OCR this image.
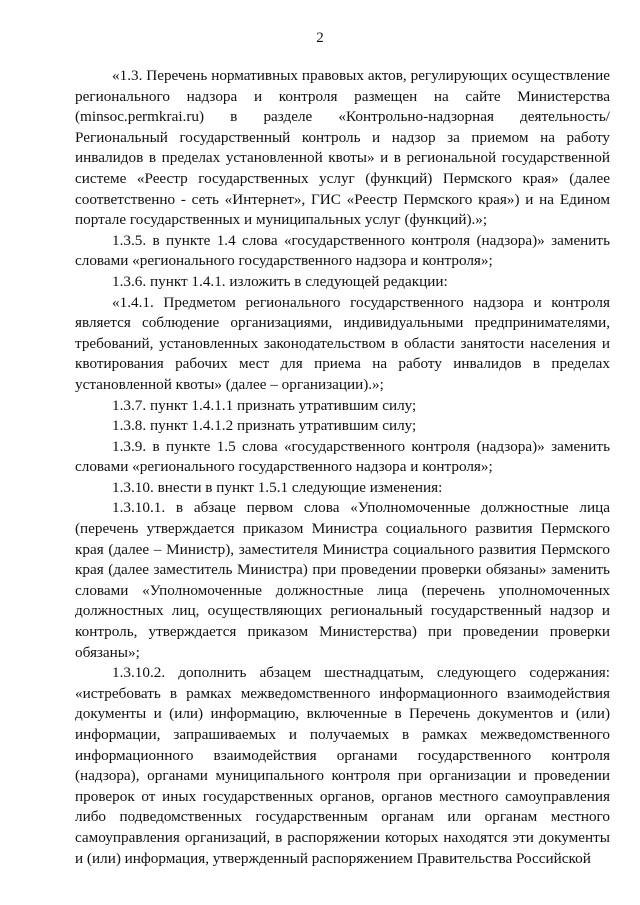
2

«1.3. Перечень нормативных правовых актов, регулирующих осуществление регионального надзора и контроля размещен на сайте Министерства (minsoc.permkrai.ru) в разделе «Контрольно-надзорная деятельность/ Региональный государственный контроль и надзор за приемом на работу инвалидов в пределах установленной квоты» и в региональной государственной системе «Реестр государственных услуг (функций) Пермского края» (далее соответственно - сеть «Интернет», ГИС «Реестр Пермского края») и на Едином портале государственных и муниципальных услуг (функций).»;

1.3.5. в пункте 1.4 слова «государственного контроля (надзора)» заменить словами «регионального государственного надзора и контроля»;

1.3.6. пункт 1.4.1. изложить в следующей редакции:

«1.4.1. Предметом регионального государственного надзора и контроля является соблюдение организациями, индивидуальными предпринимателями, требований, установленных законодательством в области занятости населения и квотирования рабочих мест для приема на работу инвалидов в пределах установленной квоты» (далее – организации).»;

1.3.7. пункт 1.4.1.1 признать утратившим силу;

1.3.8. пункт 1.4.1.2 признать утратившим силу;

1.3.9. в пункте 1.5 слова «государственного контроля (надзора)» заменить словами «регионального государственного надзора и контроля»;

1.3.10. внести в пункт 1.5.1 следующие изменения:

1.3.10.1. в абзаце первом слова «Уполномоченные должностные лица (перечень утверждается приказом Министра социального развития Пермского края (далее – Министр), заместителя Министра социального развития Пермского края (далее заместитель Министра) при проведении проверки обязаны» заменить словами «Уполномоченные должностные лица (перечень уполномоченных должностных лиц, осуществляющих региональный государственный надзор и контроль, утверждается приказом Министерства) при проведении проверки обязаны»;

1.3.10.2. дополнить абзацем шестнадцатым, следующего содержания: «истребовать в рамках межведомственного информационного взаимодействия документы и (или) информацию, включенные в Перечень документов и (или) информации, запрашиваемых и получаемых в рамках межведомственного информационного взаимодействия органами государственного контроля (надзора), органами муниципального контроля при организации и проведении проверок от иных государственных органов, органов местного самоуправления либо подведомственных государственным органам или органам местного самоуправления организаций, в распоряжении которых находятся эти документы и (или) информация, утвержденный распоряжением Правительства Российской
